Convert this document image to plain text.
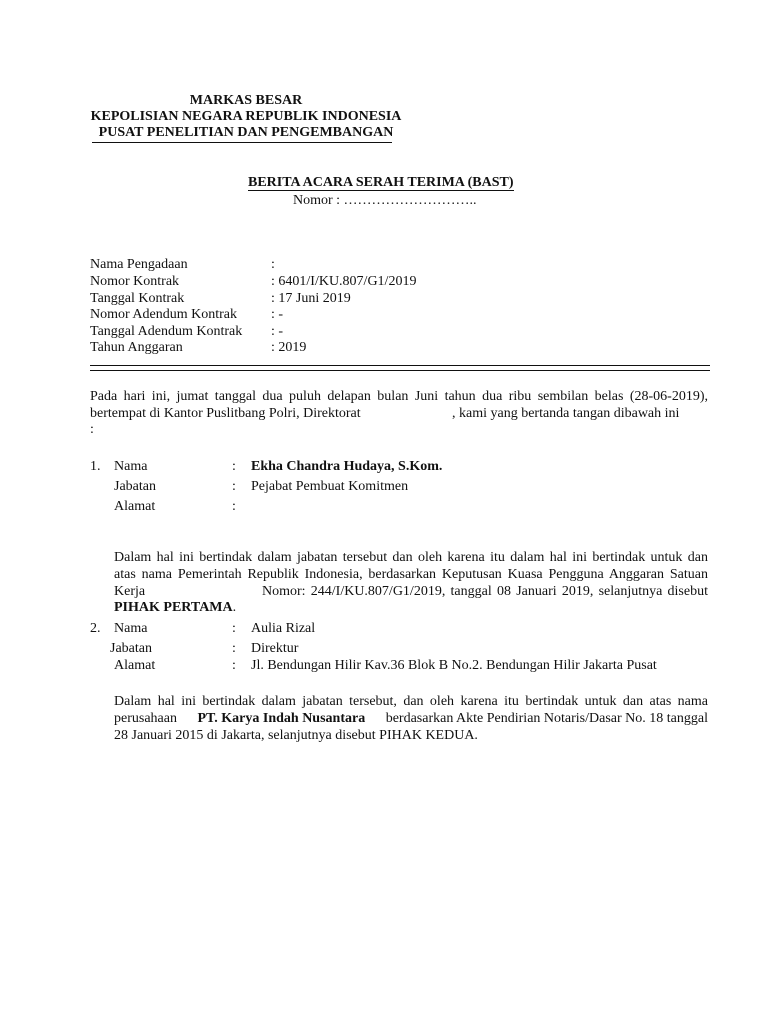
MARKAS BESAR
KEPOLISIAN NEGARA REPUBLIK INDONESIA
PUSAT PENELITIAN DAN PENGEMBANGAN
BERITA ACARA SERAH TERIMA (BAST)
Nomor : ………………………..
Nama Pengadaan	:
Nomor Kontrak	: 6401/I/KU.807/G1/2019
Tanggal Kontrak	: 17 Juni 2019
Nomor Adendum Kontrak : -
Tanggal Adendum Kontrak : -
Tahun Anggaran	: 2019
Pada hari ini, jumat tanggal dua puluh delapan bulan Juni tahun dua ribu sembilan belas (28-06-2019),
bertempat di Kantor Puslitbang Polri, Direktorat	, kami yang bertanda tangan dibawah ini
:
1. Nama	: Ekha Chandra Hudaya, S.Kom.
Jabatan	: Pejabat Pembuat Komitmen
Alamat	:
Dalam hal ini bertindak dalam jabatan tersebut dan oleh karena itu dalam hal ini bertindak untuk dan
atas nama Pemerintah Republik Indonesia, berdasarkan Keputusan Kuasa Pengguna Anggaran Satuan
Kerja	Nomor: 244/I/KU.807/G1/2019, tanggal 08 Januari 2019, selanjutnya disebut
PIHAK PERTAMA.
2. Nama	: Aulia Rizal
Jabatan	: Direktur
Alamat	: Jl. Bendungan Hilir Kav.36 Blok B No.2. Bendungan Hilir Jakarta Pusat
Dalam hal ini bertindak dalam jabatan tersebut, dan oleh karena itu bertindak untuk dan atas nama
perusahaan PT. Karya Indah Nusantara berdasarkan Akte Pendirian Notaris/Dasar No. 18 tanggal
28 Januari 2015 di Jakarta, selanjutnya disebut PIHAK KEDUA.
